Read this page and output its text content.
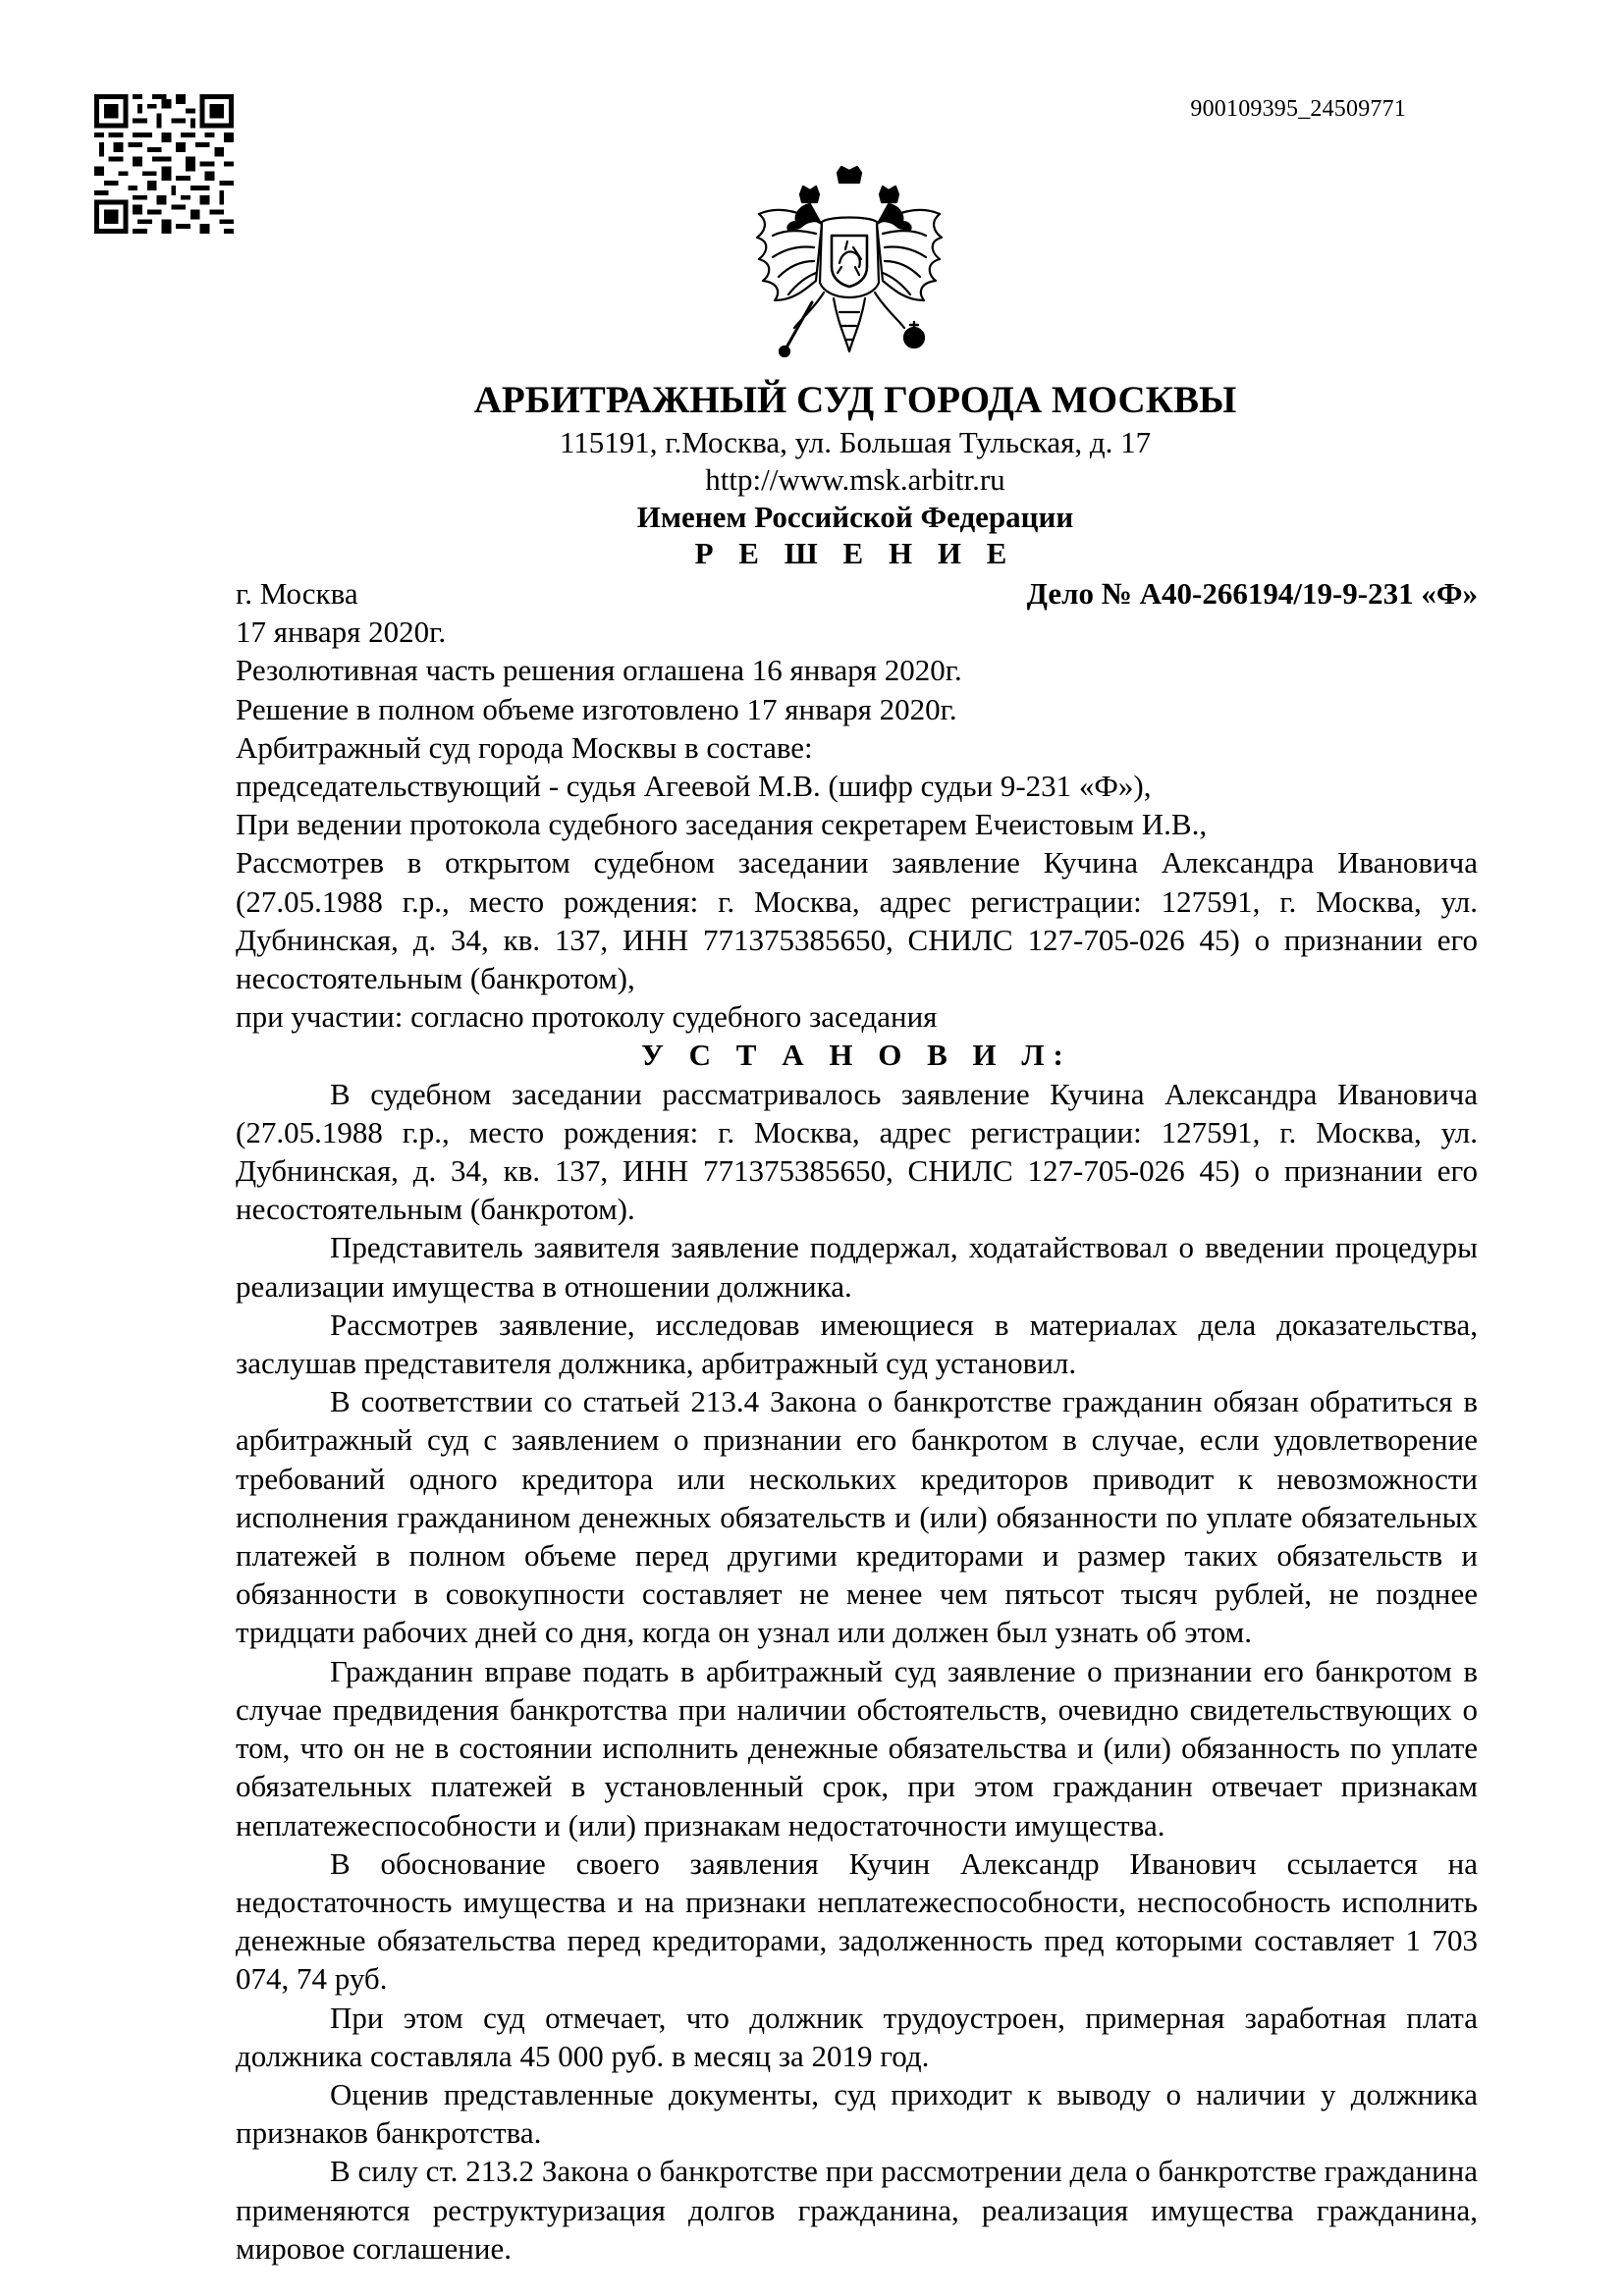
900109395_24509771
АРБИТРАЖНЫЙ СУД ГОРОДА МОСКВЫ
115191, г.Москва, ул. Большая Тульская, д. 17
http://www.msk.arbitr.ru
Именем Российской Федерации
Р Е Ш Е Н И Е
г. Москва	Дело № А40-266194/19-9-231 «Ф»

17 января 2020г.

Резолютивная часть решения оглашена 16 января 2020г.

Решение в полном объеме изготовлено 17 января 2020г.

Арбитражный суд города Москвы в составе:

председательствующий - судья Агеевой М.В. (шифр судьи 9-231 «Ф»),

При ведении протокола судебного заседания секретарем Ечеистовым И.В.,

Рассмотрев в открытом судебном заседании заявление Кучина Александра Ивановича (27.05.1988 г.р., место рождения: г. Москва, адрес регистрации: 127591, г. Москва, ул. Дубнинская, д. 34, кв. 137, ИНН 771375385650, СНИЛС 127-705-026 45) о признании его несостоятельным (банкротом),

при участии: согласно протоколу судебного заседания

У С Т А Н О В И Л:

В судебном заседании рассматривалось заявление Кучина Александра Ивановича (27.05.1988 г.р., место рождения: г. Москва, адрес регистрации: 127591, г. Москва, ул. Дубнинская, д. 34, кв. 137, ИНН 771375385650, СНИЛС 127-705-026 45) о признании его несостоятельным (банкротом).

Представитель заявителя заявление поддержал, ходатайствовал о введении процедуры реализации имущества в отношении должника.

Рассмотрев заявление, исследовав имеющиеся в материалах дела доказательства, заслушав представителя должника, арбитражный суд установил.

В соответствии со статьей 213.4 Закона о банкротстве гражданин обязан обратиться в арбитражный суд с заявлением о признании его банкротом в случае, если удовлетворение требований одного кредитора или нескольких кредиторов приводит к невозможности исполнения гражданином денежных обязательств и (или) обязанности по уплате обязательных платежей в полном объеме перед другими кредиторами и размер таких обязательств и обязанности в совокупности составляет не менее чем пятьсот тысяч рублей, не позднее тридцати рабочих дней со дня, когда он узнал или должен был узнать об этом.

Гражданин вправе подать в арбитражный суд заявление о признании его банкротом в случае предвидения банкротства при наличии обстоятельств, очевидно свидетельствующих о том, что он не в состоянии исполнить денежные обязательства и (или) обязанность по уплате обязательных платежей в установленный срок, при этом гражданин отвечает признакам неплатежеспособности и (или) признакам недостаточности имущества.

В обоснование своего заявления Кучин Александр Иванович ссылается на недостаточность имущества и на признаки неплатежеспособности, неспособность исполнить денежные обязательства перед кредиторами, задолженность пред которыми составляет 1 703 074, 74 руб.

При этом суд отмечает, что должник трудоустроен, примерная заработная плата должника составляла 45 000 руб. в месяц за 2019 год.

Оценив представленные документы, суд приходит к выводу о наличии у должника признаков банкротства.

В силу ст. 213.2 Закона о банкротстве при рассмотрении дела о банкротстве гражданина применяются реструктуризация долгов гражданина, реализация имущества гражданина, мировое соглашение.
